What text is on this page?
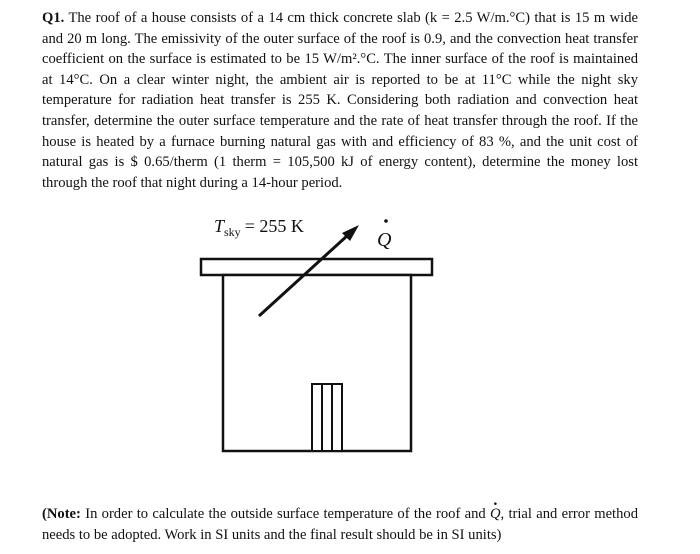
Q1. The roof of a house consists of a 14 cm thick concrete slab (k = 2.5 W/m.°C) that is 15 m wide and 20 m long. The emissivity of the outer surface of the roof is 0.9, and the convection heat transfer coefficient on the surface is estimated to be 15 W/m².°C. The inner surface of the roof is maintained at 14°C. On a clear winter night, the ambient air is reported to be at 11°C while the night sky temperature for radiation heat transfer is 255 K. Considering both radiation and convection heat transfer, determine the outer surface temperature and the rate of heat transfer through the roof. If the house is heated by a furnace burning natural gas with and efficiency of 83 %, and the unit cost of natural gas is $ 0.65/therm (1 therm = 105,500 kJ of energy content), determine the money lost through the roof that night during a 14-hour period.

$T_{sky} = 255$ K
Q

(Note: In order to calculate the outside surface temperature of the roof and · Q, trial and error method needs to be adopted. Work in SI units and the final result should be in SI units)
